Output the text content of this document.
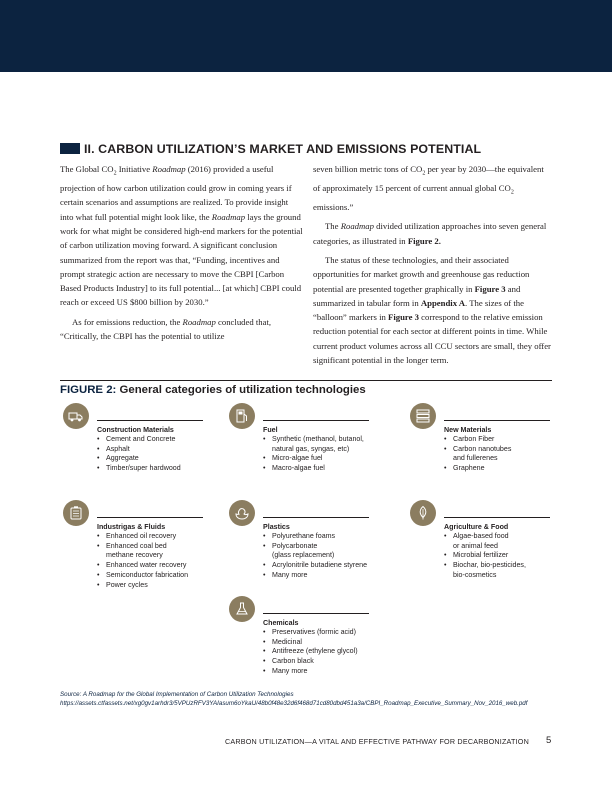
II. CARBON UTILIZATION’S MARKET AND EMISSIONS POTENTIAL

The Global $CO_2$ Initiative Roadmap (2016) provided a useful projection of how carbon utilization could grow in coming years if certain scenarios and assumptions are realized. To provide insight into what full potential might look like, the Roadmap lays the ground work for what might be considered high-end markers for the potential of carbon utilization moving forward. A significant conclusion summarized from the report was that, “Funding, incentives and prompt strategic action are necessary to move the CBPI [Carbon Based Products Industry] to its full potential... [at which] CBPI could reach or exceed US $800 billion by 2030.”

As for emissions reduction, the Roadmap concluded that, “Critically, the CBPI has the potential to utilize

seven billion metric tons of $CO_2$ per year by 2030—the equivalent of approximately 15 percent of current annual global $CO_2$ emissions.”

The Roadmap divided utilization approaches into seven general categories, as illustrated in Figure 2.

The status of these technologies, and their associated opportunities for market growth and greenhouse gas reduction potential are presented together graphically in Figure 3 and summarized in tabular form in Appendix A. The sizes of the “balloon” markers in Figure 3 correspond to the relative emission reduction potential for each sector at different points in time. While current product volumes across all CCU sectors are small, they offer significant potential in the longer term.

FIGURE 2: General categories of utilization technologies
Construction Materials
• Cement and Concrete
• Asphalt
• Aggregate
• Timber/super hardwood
Fuel
• Synthetic (methanol, butanol,
natural gas, syngas, etc)
• Micro-algae fuel
• Macro-algae fuel
New Materials
• Carbon Fiber
• Carbon nanotubes
and fullerenes
• Graphene
Industrigas & Fluids
• Enhanced oil recovery
• Enhanced coal bed
methane recovery
• Enhanced water recovery
• Semiconductor fabrication
• Power cycles
Plastics
• Polyurethane foams
• Polycarbonate
(glass replacement)
• Acrylonitrile butadiene styrene
• Many more
Agriculture & Food
• Algae-based food
or animal feed
• Microbial fertilizer
• Biochar, bio-pesticides,
bio-cosmetics
Chemicals
• Preservatives (formic acid)
• Medicinal
• Antifreeze (ethylene glycol)
• Carbon black
• Many more
Source: A Roadmap for the Global Implementation of Carbon Utilization Technologies https://assets.ctfassets.net/xg0gv1arhdr3/5VPUzRFV3YAIasum6oYkaU/48b0f48e32d6f468d71cd80dbd451a3a/CBPI_Roadmap_Executive_Summary_Nov_2016_web.pdf
CARBON UTILIZATION—A VITAL AND EFFECTIVE PATHWAY FOR DECARBONIZATION 5
